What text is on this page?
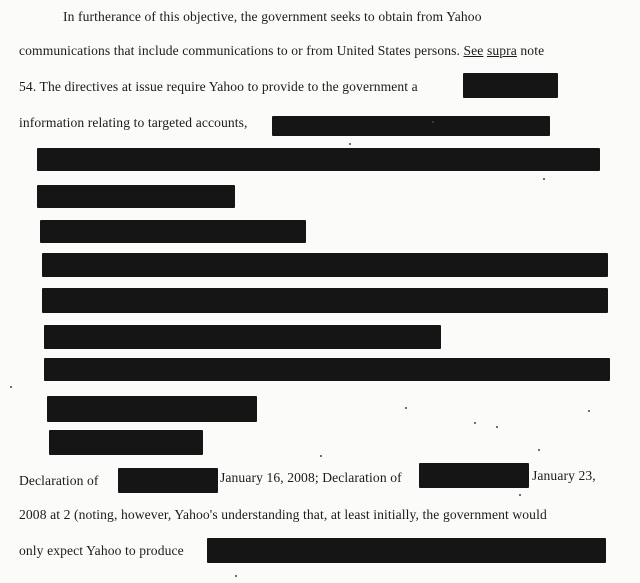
In furtherance of this objective, the government seeks to obtain from Yahoo
communications that include communications to or from United States persons. See supra note
54. The directives at issue require Yahoo to provide to the government a
information relating to targeted accounts,
Declaration of	January 16, 2008; Declaration of	January 23,
2008 at 2 (noting, however, Yahoo's understanding that, at least initially, the government would
only expect Yahoo to produce
